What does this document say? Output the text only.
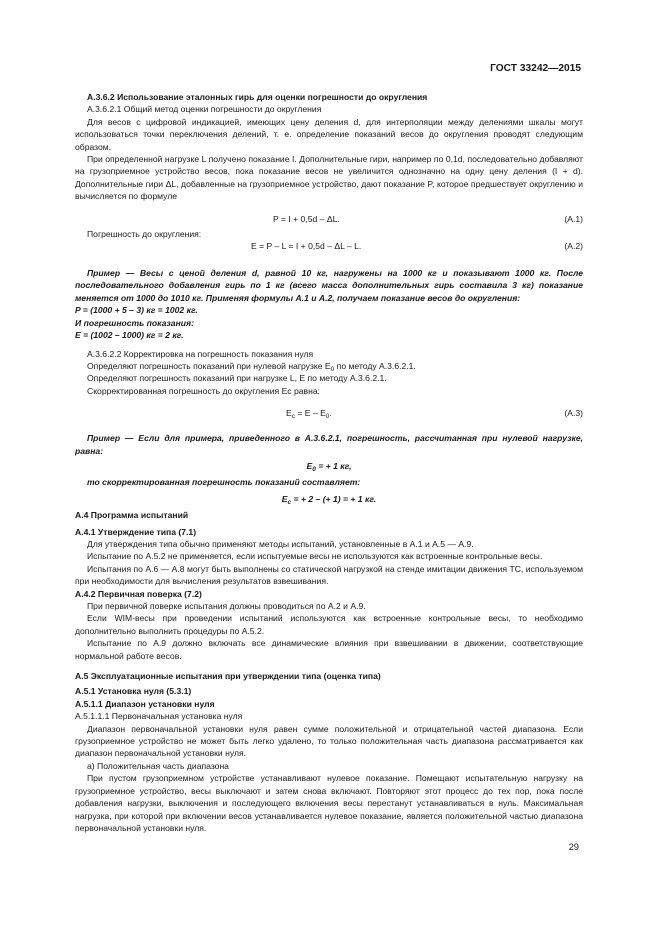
ГОСТ 33242—2015

А.3.6.2 Использование эталонных гирь для оценки погрешности до округления

А.3.6.2.1 Общий метод оценки погрешности до округления

Для весов с цифровой индикацией, имеющих цену деления d, для интерполяции между делениями шкалы могут использоваться точки переключения делений, т. е. определение показаний весов до округления проводят следующим образом.

При определенной нагрузке L получено показание I. Дополнительные гири, например по 0,1d, последовательно добавляют на грузоприемное устройство весов, пока показание весов не увеличится однозначно на одну цену деления (I + d). Дополнительные гири ΔL, добавленные на грузоприемное устройство, дают показание P, которое предшествует округлению и вычисляется по формуле

P = I + 0,5d – ΔL.	(А.1)

Погрешность до округления:

E = P – L = I + 0,5d – ΔL – L.	(А.2)

Пример — Весы с ценой деления d, равной 10 кг, нагружены на 1000 кг и показывают 1000 кг. После последовательного добавления гирь по 1 кг (всего масса дополнительных гирь составила 3 кг) показание меняется от 1000 до 1010 кг. Применяя формулы А.1 и А.2, получаем показание весов до округления:

P = (1000 + 5 – 3) кг = 1002 кг.

И погрешность показания:

E = (1002 – 1000) кг = 2 кг.

А.3.6.2.2 Корректировка на погрешность показания нуля

Определяют погрешность показаний при нулевой нагрузке $E_0$ по методу А.3.6.2.1.

Определяют погрешность показаний при нагрузке L, E по методу А.3.6.2.1.

Скорректированная погрешность до округления Ec равна:

$E_c = E - E_0$.	(А.3)

Пример — Если для примера, приведенного в А.3.6.2.1, погрешность, рассчитанная при нулевой нагрузке, равна:

$E_0$ = + 1 кг,

то скорректированная погрешность показаний составляет:

$E_c$ = + 2 – (+ 1) = + 1 кг.

А.4 Программа испытаний

А.4.1 Утверждение типа (7.1)

Для утверждения типа обычно применяют методы испытаний, установленные в А.1 и А.5 — А.9.

Испытание по А.5.2 не применяется, если испытуемые весы не используются как встроенные контрольные весы.

Испытания по А.6 — А.8 могут быть выполнены со статической нагрузкой на стенде имитации движения ТС, используемом при необходимости для вычисления результатов взвешивания.

А.4.2 Первичная поверка (7.2)

При первичной поверке испытания должны проводиться по А.2 и А.9.

Если WIM-весы при проведении испытаний используются как встроенные контрольные весы, то необходимо дополнительно выполнить процедуры по А.5.2.

Испытание по А.9 должно включать все динамические влияния при взвешивании в движении, соответствующие нормальной работе весов.

А.5 Эксплуатационные испытания при утверждении типа (оценка типа)

А.5.1 Установка нуля (5.3.1)

А.5.1.1 Диапазон установки нуля

А.5.1.1.1 Первоначальная установка нуля

Диапазон первоначальной установки нуля равен сумме положительной и отрицательной частей диапазона. Если грузоприемное устройство не может быть легко удалено, то только положительная часть диапазона рассматривается как диапазон первоначальной установки нуля.

а) Положительная часть диапазона

При пустом грузоприемном устройстве устанавливают нулевое показание. Помещают испытательную нагрузку на грузоприемное устройство, весы выключают и затем снова включают. Повторяют этот процесс до тех пор, пока после добавления нагрузки, выключения и последующего включения весы перестанут устанавливаться в нуль. Максимальная нагрузка, при которой при включении весов устанавливается нулевое показание, является положительной частью диапазона первоначальной установки нуля.

29
